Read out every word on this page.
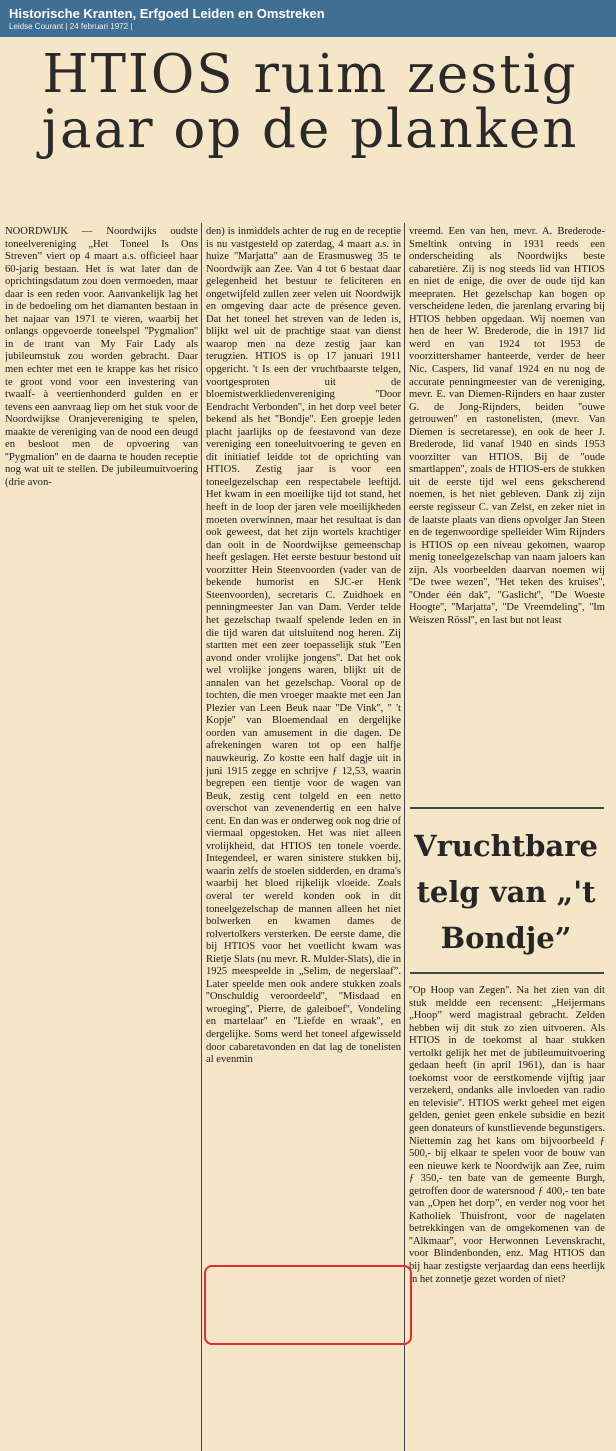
Historische Kranten, Erfgoed Leiden en Omstreken
Leidse Courant | 24 februari 1972 |
HTIOS ruim zestig jaar op de planken

NOORDWIJK — Noordwijks oudste toneelvereniging „Het Toneel Is Ons Streven” viert op 4 maart a.s. officieel haar 60-jarig bestaan. Het is wat later dan de oprichtingsdatum zou doen vermoeden, maar daar is een reden voor. Aanvankelijk lag het in de bedoeling om het diamanten bestaan in het najaar van 1971 te vieren, waarbij het onlangs opgevoerde toneelspel ''Pygmalion'' in de trant van My Fair Lady als jubileumstuk zou worden gebracht. Daar men echter met een te krappe kas het risico te groot vond voor een investering van twaalf- à veertienhonderd gulden en er tevens een aanvraag liep om het stuk voor de Noordwijkse Oranjevereniging te spelen, maakte de vereniging van de nood een deugd en besloot men de opvoering van ''Pygmalion'' en de daarna te houden receptie nog wat uit te stellen. De jubileumuitvoering (drie avon-

den) is inmiddels achter de rug en de receptie is nu vastgesteld op zaterdag, 4 maart a.s. in huize ''Marjatta'' aan de Erasmusweg 35 te Noordwijk aan Zee. Van 4 tot 6 bestaat daar gelegenheid het bestuur te feliciteren en ongetwijfeld zullen zeer velen uit Noordwijk en omgeving daar acte de présence geven. Dat het toneel het streven van de leden is, blijkt wel uit de prachtige staat van dienst waarop men na deze zestig jaar kan terugzien. HTIOS is op 17 januari 1911 opgericht. 't Is een der vruchtbaarste telgen, voortgesproten uit de bloemistwerkliedenvereniging ''Door Eendracht Verbonden'', in het dorp veel beter bekend als het ''Bondje''. Een groepje leden placht jaarlijks op de feestavond van deze vereniging een toneeluitvoering te geven en dit initiatief leidde tot de oprichting van HTIOS. Zestig jaar is voor een toneelgezelschap een respectabele leeftijd. Het kwam in een moeilijke tijd tot stand, het heeft in de loop der jaren vele moeilijkheden moeten overwinnen, maar het resultaat is dan ook geweest, dat het zijn wortels krachtiger dan ooit in de Noordwijkse gemeenschap heeft geslagen. Het eerste bestuur bestond uit voorzitter Hein Steenvoorden (vader van de bekende humorist en SJC-er Henk Steenvoorden), secretaris C. Zuidhoek en penningmeester Jan van Dam. Verder telde het gezelschap twaalf spelende leden en in die tijd waren dat uitsluitend nog heren. Zij startten met een zeer toepasselijk stuk ''Een avond onder vrolijke jongens''. Dat het ook wel vrolijke jongens waren, blijkt uit de annalen van het gezelschap. Vooral op de tochten, die men vroeger maakte met een Jan Plezier van Leen Beuk naar ''De Vink'', '' 't Kopje'' van Bloemendaal en dergelijke oorden van amusement in die dagen. De afrekeningen waren tot op een halfje nauwkeurig. Zo kostte een half dagje uit in juni 1915 zegge en schrijve ƒ 12,53, waarin begrepen een tientje voor de wagen van Beuk, zestig cent tolgeld en een netto overschot van zevenendertig en een halve cent. En dan was er onderweg ook nog drie of viermaal opgestoken. Het was niet alleen vrolijkheid, dat HTIOS ten tonele voerde. Integendeel, er waren sinistere stukken bij, waarin zelfs de stoelen sidderden, en drama's waarbij het bloed rijkelijk vloeide. Zoals overal ter wereld konden ook in dit toneelgezelschap de mannen alleen het niet bolwerken en kwamen dames de rolvertolkers versterken. De eerste dame, die bij HTIOS voor het voetlicht kwam was Rietje Slats (nu mevr. R. Mulder-Slats), die in 1925 meespeelde in „Selim, de negerslaaf”. Later speelde men ook andere stukken zoals ''Onschuldig veroordeeld'', ''Misdaad en wroeging'', Pierre, de galeiboef'', Vondeling en martelaar'' en ''Liefde en wraak'', en dergelijke. Soms werd het toneel afgewisseld door cabaretavonden en dat lag de tonelisten al evenmin

vreemd. Een van hen, mevr. A. Brederode-Smeltink ontving in 1931 reeds een onderscheiding als Noordwijks beste cabaretière. Zij is nog steeds lid van HTIOS en niet de enige, die over de oude tijd kan meepraten. Het gezelschap kan bogen op verscheidene leden, die jarenlang ervaring bij HTIOS hebben opgedaan. Wij noemen van hen de heer W. Brederode, die in 1917 lid werd en van 1924 tot 1953 de voorzittershamer hanteerde, verder de heer Nic. Caspers, lid vanaf 1924 en nu nog de accurate penningmeester van de vereniging, mevr. E. van Diemen-Rijnders en haar zuster G. de Jong-Rijnders, beiden ''ouwe getrouwen'' en rastonelisten, (mevr. Van Diemen is secretaresse), en ook de heer J. Brederode, lid vanaf 1940 en sinds 1953 voorzitter van HTIOS. Bij de ''oude smartlappen'', zoals de HTIOS-ers de stukken uit de eerste tijd wel eens gekscherend noemen, is het niet gebleven. Dank zij zijn eerste regisseur C. van Zelst, en zeker niet in de laatste plaats van diens opvolger Jan Steen en de tegenwoordige spelleider Wim Rijnders is HTIOS op een niveau gekomen, waarop menig toneelgezelschap van naam jaloers kan zijn. Als voorbeelden daarvan noemen wij ''De twee wezen'', ''Het teken des kruises'', ''Onder één dak'', ''Gaslicht'', ''De Woeste Hoogte'', ''Marjatta'', ''De Vreemdeling'', ''Im Weiszen Rössl'', en last but not least

Vruchtbare telg van „'t Bondje”

''Op Hoop van Zegen''. Na het zien van dit stuk meldde een recensent: „Heijermans „Hoop” werd magistraal gebracht. Zelden hebben wij dit stuk zo zien uitvoeren. Als HTIOS in de toekomst al haar stukken vertolkt gelijk het met de jubileumuitvoering gedaan heeft (in april 1961), dan is haar toekomst voor de eerstkomende vijftig jaar verzekerd, ondanks alle invloeden van radio en televisie''. HTIOS werkt geheel met eigen gelden, geniet geen enkele subsidie en bezit geen donateurs of kunstlievende begunstigers. Niettemin zag het kans om bijvoorbeeld ƒ 500,- bij elkaar te spelen voor de bouw van een nieuwe kerk te Noordwijk aan Zee, ruim ƒ 350,- ten bate van de gemeente Burgh, getroffen door de watersnood ƒ 400,- ten bate van „Open het dorp”, en verder nog voor het Katholiek Thuisfront, voor de nagelaten betrekkingen van de omgekomenen van de ''Alkmaar'', voor Herwonnen Levenskracht, voor Blindenbonden, enz. Mag HTIOS dan bij haar zestigste verjaardag dan eens heerlijk in het zonnetje gezet worden of niet?
